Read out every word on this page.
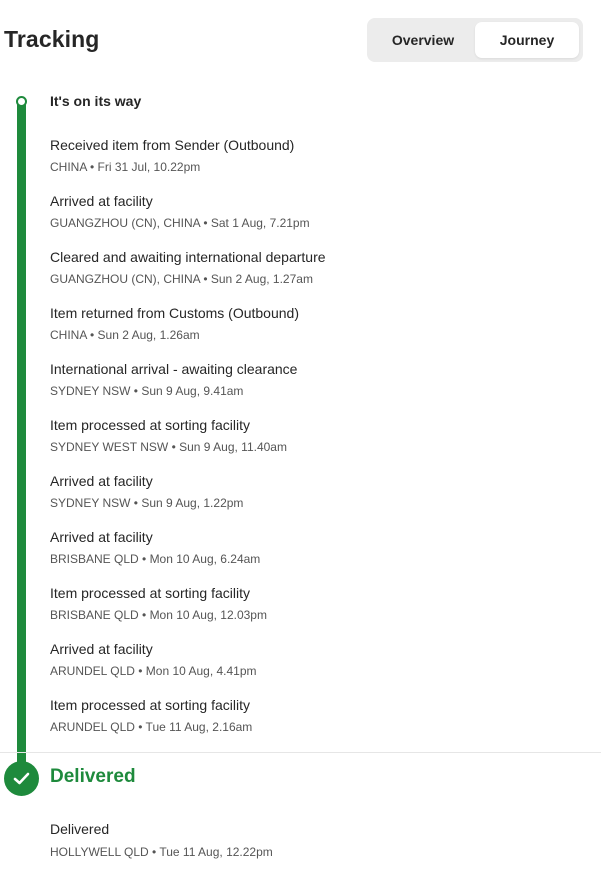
Tracking	Overview	Journey
It's on its way
Received item from Sender (Outbound)
CHINA • Fri 31 Jul, 10.22pm
Arrived at facility
GUANGZHOU (CN), CHINA • Sat 1 Aug, 7.21pm
Cleared and awaiting international departure
GUANGZHOU (CN), CHINA • Sun 2 Aug, 1.27am
Item returned from Customs (Outbound)
CHINA • Sun 2 Aug, 1.26am
International arrival - awaiting clearance
SYDNEY NSW • Sun 9 Aug, 9.41am
Item processed at sorting facility
SYDNEY WEST NSW • Sun 9 Aug, 11.40am
Arrived at facility
SYDNEY NSW • Sun 9 Aug, 1.22pm
Arrived at facility
BRISBANE QLD • Mon 10 Aug, 6.24am
Item processed at sorting facility
BRISBANE QLD • Mon 10 Aug, 12.03pm
Arrived at facility
ARUNDEL QLD • Mon 10 Aug, 4.41pm
Item processed at sorting facility
ARUNDEL QLD • Tue 11 Aug, 2.16am
Delivered
Delivered
HOLLYWELL QLD • Tue 11 Aug, 12.22pm
